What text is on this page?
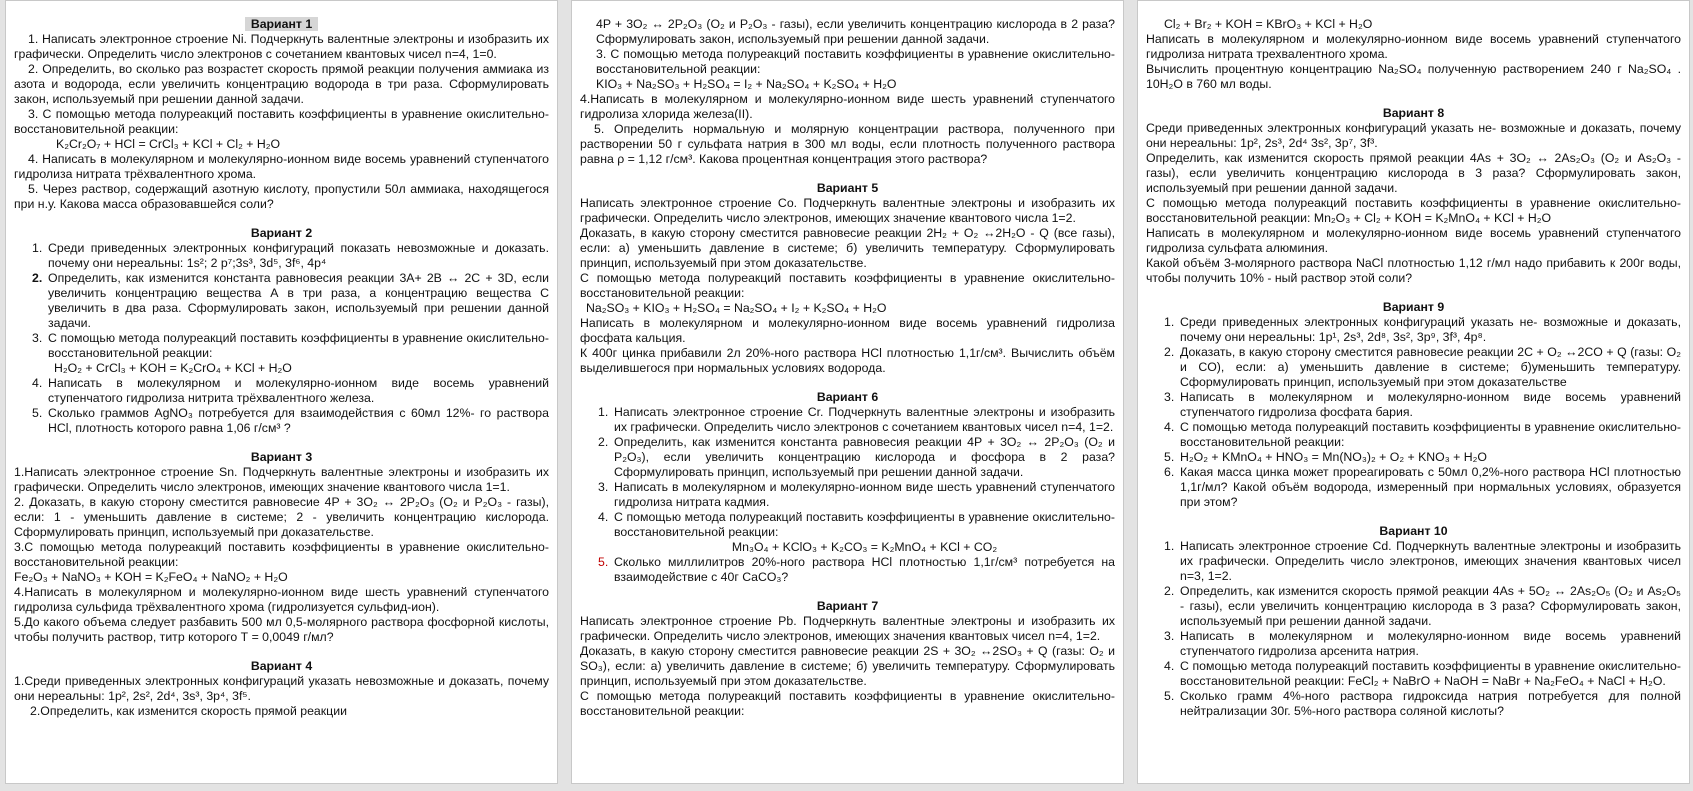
Вариант 1

1. Написать электронное строение Ni. Подчеркнуть валентные электроны и изобразить их графически. Определить число электронов с сочетанием квантовых чисел n=4, 1=0.

2. Определить, во сколько раз возрастет скорость прямой реакции получения аммиака из азота и водорода, если увеличить концентрацию водорода в три раза. Сформулировать закон, используемый при решении данной задачи.

3. С помощью метода полуреакций поставить коэффициенты в уравнение окислительно-восстановительной реакции:

K₂Cr₂O₇ + HCl = CrCl₃ + KCl + Cl₂ + H₂O

4. Написать в молекулярном и молекулярно-ионном виде восемь уравнений ступенчатого гидролиза нитрата трёхвалентного хрома.

5. Через раствор, содержащий азотную кислоту, пропустили 50л аммиака, находящегося при н.у. Какова масса образовавшейся соли?

Вариант 2
1. Среди приведенных электронных конфигураций показать невозможные и доказать. почему они нереальны: 1s²; 2 p⁷;3s³, 3d⁵, 3f⁶, 4p⁴
2. Определить, как изменится константа равновесия реакции 3A+ 2B ↔ 2C + 3D, если увеличить концентрацию вещества А в три раза, а концентрацию вещества С увеличить в два раза. Сформулировать закон, используемый при решении данной задачи.
3. С помощью метода полуреакций поставить коэффициенты в уравнение окислительно-восстановительной реакции:
H₂O₂ + CrCl₃ + KOH = K₂CrO₄ + KCl + H₂O
4. Написать в молекулярном и молекулярно-ионном виде восемь уравнений ступенчатого гидролиза нитрита трёхвалентного железа.
5. Сколько граммов AgNO₃ потребуется для взаимодействия с 60мл 12%- го раствора HCl, плотность которого равна 1,06 г/см³ ?
Вариант 3

1.Написать электронное строение Sn. Подчеркнуть валентные электроны и изобразить их графически. Определить число электронов, имеющих значение квантового числа 1=1.

2. Доказать, в какую сторону сместится равновесие 4P + 3O₂ ↔ 2P₂O₃ (O₂ и P₂O₃ - газы), если: 1 - уменьшить давление в системе; 2 - увеличить концентрацию кислорода. Сформулировать принцип, используемый при доказательстве.

3.С помощью метода полуреакций поставить коэффициенты в уравнение окислительно-восстановительной реакции:

Fe₂O₃ + NaNO₃ + KOH = K₂FeO₄ + NaNO₂ + H₂O

4.Написать в молекулярном и молекулярно-ионном виде шесть уравнений ступенчатого гидролиза сульфида трёхвалентного хрома (гидролизуется сульфид-ион).

5.До какого объема следует разбавить 500 мл 0,5-молярного раствора фосфорной кислоты, чтобы получить раствор, титр которого Т = 0,0049 г/мл?

Вариант 4

1.Среди приведенных электронных конфигураций указать невозможные и доказать, почему они нереальны: 1p², 2s², 2d⁴, 3s³, 3p⁴, 3f⁵.

2.Определить, как изменится скорость прямой реакции

4P + 3O₂ ↔ 2P₂O₃ (O₂ и P₂O₃ - газы), если увеличить концентрацию кислорода в 2 раза? Сформулировать закон, используемый при решении данной задачи.

3. С помощью метода полуреакций поставить коэффициенты в уравнение окислительно-восстановительной реакции:

KIO₃ + Na₂SO₃ + H₂SO₄ = I₂ + Na₂SO₄ + K₂SO₄ + H₂O

4.Написать в молекулярном и молекулярно-ионном виде шесть уравнений ступенчатого гидролиза хлорида железа(II).

5. Определить нормальную и молярную концентрации раствора, полученного при растворении 50 г сульфата натрия в 300 мл воды, если плотность полученного раствора равна ρ = 1,12 г/см³. Какова процентная концентрация этого раствора?

Вариант 5

Написать электронное строение Co. Подчеркнуть валентные электроны и изобразить их графически. Определить число электронов, имеющих значение квантового числа 1=2.

Доказать, в какую сторону сместится равновесие реакции 2H₂ + O₂ ↔2H₂O - Q (все газы), если: а) уменьшить давление в системе; б) увеличить температуру. Сформулировать принцип, используемый при этом доказательстве.

С помощью метода полуреакций поставить коэффициенты в уравнение окислительно-восстановительной реакции:

Na₂SO₃ + KIO₃ + H₂SO₄ = Na₂SO₄ + I₂ + K₂SO₄ + H₂O

Написать в молекулярном и молекулярно-ионном виде восемь уравнений гидролиза фосфата кальция.

К 400г цинка прибавили 2л 20%-ного раствора HCl плотностью 1,1г/см³. Вычислить объём выделившегося при нормальных условиях водорода.

Вариант 6
1. Написать электронное строение Cr. Подчеркнуть валентные электроны и изобразить их графически. Определить число электронов с сочетанием квантовых чисел n=4, 1=2.
2. Определить, как изменится константа равновесия реакции 4P + 3O₂ ↔ 2P₂O₃ (O₂ и P₂O₃), если увеличить концентрацию кислорода и фосфора в 2 раза? Сформулировать принцип, используемый при решении данной задачи.
3. Написать в молекулярном и молекулярно-ионном виде шесть уравнений ступенчатого гидролиза нитрата кадмия.
4. С помощью метода полуреакций поставить коэффициенты в уравнение окислительно-восстановительной реакции:
Mn₃O₄ + KClO₃ + K₂CO₃ = K₂MnO₄ + KCl + CO₂
5. Сколько миллилитров 20%-ного раствора HCl плотностью 1,1г/см³ потребуется на взаимодействие с 40г CaCO₃?
Вариант 7

Написать электронное строение Pb. Подчеркнуть валентные электроны и изобразить их графически. Определить число электронов, имеющих значения квантовых чисел n=4, 1=2.

Доказать, в какую сторону сместится равновесие реакции 2S + 3O₂ ↔2SO₃ + Q (газы: O₂ и SO₃), если: а) увеличить давление в системе; б) увеличить температуру. Сформулировать принцип, используемый при этом доказательстве.

С помощью метода полуреакций поставить коэффициенты в уравнение окислительно-восстановительной реакции:

Cl₂ + Br₂ + KOH = KBrO₃ + KCl + H₂O

Написать в молекулярном и молекулярно-ионном виде восемь уравнений ступенчатого гидролиза нитрата трехвалентного хрома.

Вычислить процентную концентрацию Na₂SO₄ полученную растворением 240 г Na₂SO₄ . 10H₂O в 760 мл воды.

Вариант 8

Среди приведенных электронных конфигураций указать не- возможные и доказать, почему они нереальны: 1p², 2s³, 2d⁴ 3s², 3p⁷, 3f³.

Определить, как изменится скорость прямой реакции 4As + 3O₂ ↔ 2As₂O₃ (O₂ и As₂O₃ - газы), если увеличить концентрацию кислорода в 3 раза? Сформулировать закон, используемый при решении данной задачи.

С помощью метода полуреакций поставить коэффициенты в уравнение окислительно-восстановительной реакции: Mn₂O₃ + Cl₂ + KOH = K₂MnO₄ + KCl + H₂O

Написать в молекулярном и молекулярно-ионном виде восемь уравнений ступенчатого гидролиза сульфата алюминия.

Какой объём 3-молярного раствора NaCl плотностью 1,12 г/мл надо прибавить к 200г воды, чтобы получить 10% - ный раствор этой соли?

Вариант 9
1. Среди приведенных электронных конфигураций указать не- возможные и доказать, почему они нереальны: 1p¹, 2s³, 2d⁸, 3s², 3p⁹, 3f³, 4p⁸.
2. Доказать, в какую сторону сместится равновесие реакции 2C + O₂ ↔2CO + Q (газы: O₂ и CO), если: а) уменьшить давление в системе; б)уменьшить температуру. Сформулировать принцип, используемый при этом доказательстве
3. Написать в молекулярном и молекулярно-ионном виде восемь уравнений ступенчатого гидролиза фосфата бария.
4. С помощью метода полуреакций поставить коэффициенты в уравнение окислительно-восстановительной реакции:
5. H₂O₂ + KMnO₄ + HNO₃ = Mn(NO₃)₂ + O₂ + KNO₃ + H₂O
6. Какая масса цинка может прореагировать с 50мл 0,2%-ного раствора HCl плотностью 1,1г/мл? Какой объём водорода, измеренный при нормальных условиях, образуется при этом?
Вариант 10
1. Написать электронное строение Cd. Подчеркнуть валентные электроны и изобразить их графически. Определить число электронов, имеющих значения квантовых чисел n=3, 1=2.
2. Определить, как изменится скорость прямой реакции 4As + 5O₂ ↔ 2As₂O₅ (O₂ и As₂O₅ - газы), если увеличить концентрацию кислорода в 3 раза? Сформулировать закон, используемый при решении данной задачи.
3. Написать в молекулярном и молекулярно-ионном виде восемь уравнений ступенчатого гидролиза арсенита натрия.
4. С помощью метода полуреакций поставить коэффициенты в уравнение окислительно-восстановительной реакции: FeCl₂ + NaBrO + NaOH = NaBr + Na₂FeO₄ + NaCl + H₂O.
5. Сколько грамм 4%-ного раствора гидроксида натрия потребуется для полной нейтрализации 30г. 5%-ного раствора соляной кислоты?
